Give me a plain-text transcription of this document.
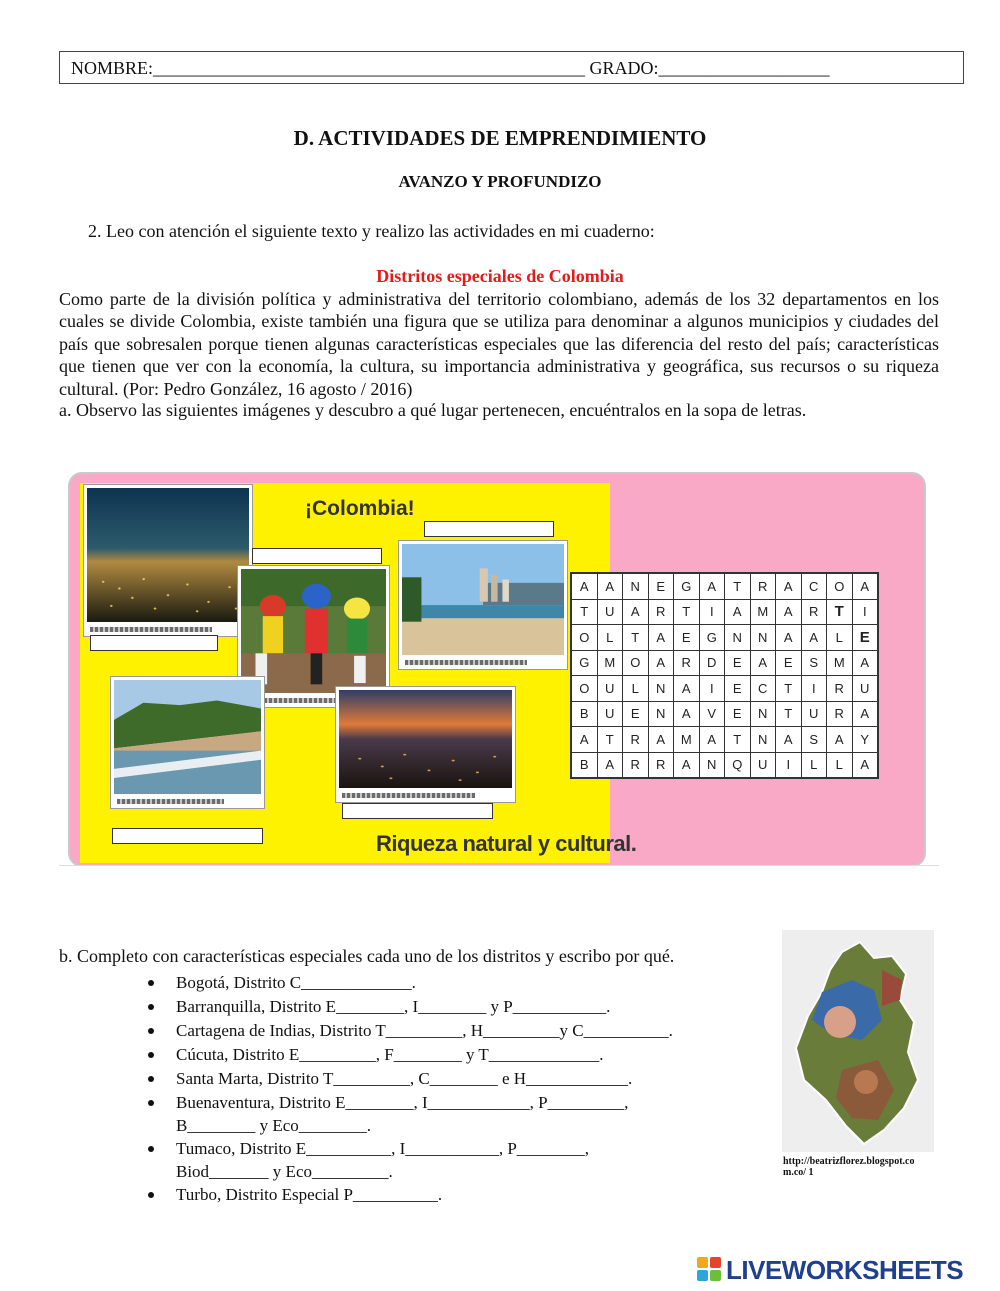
NOMBRE:________________________________________________ GRADO:___________________
D. ACTIVIDADES DE EMPRENDIMIENTO
AVANZO Y PROFUNDIZO
2. Leo con atención el siguiente texto y realizo las actividades en mi cuaderno:
Distritos especiales de Colombia
Como parte de la división política y administrativa del territorio colombiano, además de los 32 departamentos en los cuales se divide Colombia, existe también una figura que se utiliza para denominar a algunos municipios y ciudades del país que sobresalen porque tienen algunas características especiales que las diferencia del resto del país; características que tienen que ver con la economía, la cultura, su importancia administrativa y geográfica, sus recursos o su riqueza cultural. (Por: Pedro González, 16 agosto / 2016)
a. Observo las siguientes imágenes y descubro a qué lugar pertenecen, encuéntralos en la sopa de letras.
¡Colombia!
Riqueza natural y cultural.
A	A	N	E	G	A	T	R	A	C	O	A
T	U	A	R	T	I	A	M	A	R	T	I
O	L	T	A	E	G	N	N	A	A	L	E
G	M	O	A	R	D	E	A	E	S	M	A
O	U	L	N	A	I	E	C	T	I	R	U
B	U	E	N	A	V	E	N	T	U	R	A
A	T	R	A	M	A	T	N	A	S	A	Y
B	A	R	R	A	N	Q	U	I	L	L	A
b. Completo con características especiales cada uno de los distritos y escribo por qué.
Bogotá, Distrito C_____________.
Barranquilla, Distrito E________, I________ y P___________.
Cartagena de Indias, Distrito T_________, H_________y C__________.
Cúcuta, Distrito E_________, F________ y T_____________.
Santa Marta, Distrito T_________, C________ e H____________.
Buenaventura, Distrito E________, I____________, P_________,
B________ y Eco________.
Tumaco, Distrito E__________, I___________, P________,
Biod_______ y Eco_________.
Turbo, Distrito Especial P__________.
http://beatrizflorez.blogspot.co m.co/ 1
LIVEWORKSHEETS
